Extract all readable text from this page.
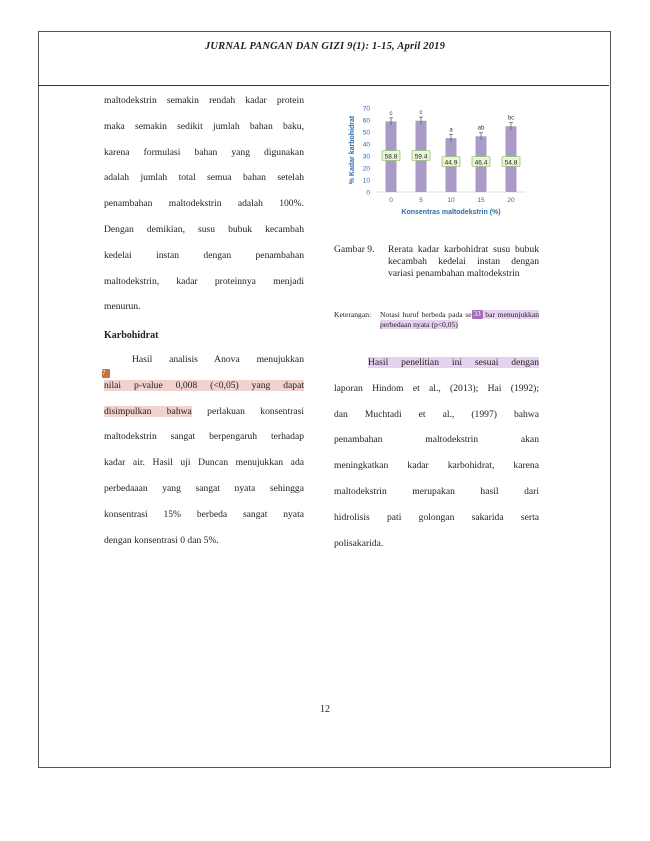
JURNAL PANGAN DAN GIZI 9(1): 1-15, April 2019

maltodekstrin semakin rendah kadar protein

maka semakin sedikit jumlah bahan baku,

karena formulasi bahan yang digunakan

adalah jumlah total semua bahan setelah

penambahan maltodekstrin adalah 100%.

Dengan demikian, susu bubuk kecambah

kedelai instan dengan penambahan

maltodekstrin, kadar proteinnya menjadi

menurun.

Karbohidrat

Hasil analisis Anova menujukkan

7
nilai p-value 0,008 (<0,05) yang dapat

disimpulkan bahwa perlakuan konsentrasi

maltodekstrin sangat berpengaruh terhadap

kadar air. Hasil uji Duncan menujukkan ada

perbedaaan yang sangat nyata sehingga

konsentrasi 15% berbeda sangat nyata

dengan konsentrasi 0 dan 5%.

0
10
20
30
40
50
60
70
% Kadar karbohidrat
c
58.8
0
c
59.4
5
a
44.9
10
ab
46.4
15
bc
54.8
20
Konsentras maltodekstrin (%)
Gambar 9. Rerata kadar karbohidrat susu bubuk kecambah kedelai instan dengan variasi penambahan maltodekstrin
Keterangan: Notasi huruf berbeda pada se 33 bar menunjukkan perbedaan nyata (p<0,05)

Hasil penelitian ini sesuai dengan

laporan Hindom et al., (2013); Hai (1992);

dan Muchtadi et al., (1997) bahwa

penambahan maltodekstrin akan

meningkatkan kadar karbohidrat, karena

maltodekstrin merupakan hasil dari

hidrolisis pati golongan sakarida serta

polisakarida.

12
